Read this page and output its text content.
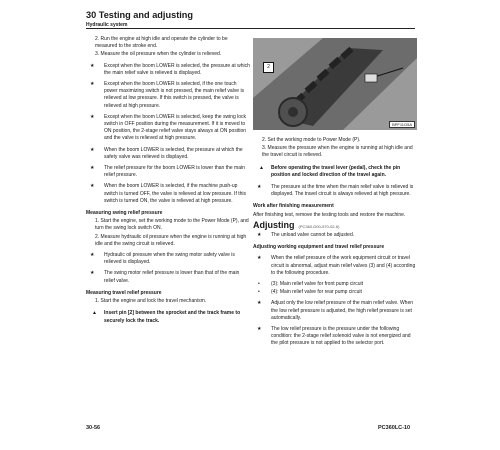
30 Testing and adjusting
Hydraulic system
2. Run the engine at high idle and operate the cylinder to be measured to the stroke end.
3. Measure the oil pressure when the cylinder is relieved.
★ Except when the boom LOWER is selected, the pressure at which the main relief valve is relieved is displayed.
★ Except when the boom LOWER is selected, if the one touch power maximizing switch is not pressed, the main relief valve is relieved at low pressure. If this switch is pressed, the valve is relieved at high pressure.
★ Except when the boom LOWER is selected, keep the swing lock switch in OFF position during the measurement. If it is moved to ON position, the 2-stage relief valve stays always at ON position and the valve is relieved at high pressure.
★ When the boom LOWER is selected, the pressure at which the safety valve was relieved is displayed.
★ The relief pressure for the boom LOWER is lower than the main relief pressure.
★ When the boom LOWER is selected, if the machine push-up switch is turned OFF, the valve is relieved at low pressure. If this switch is turned ON, the valve is relieved at high pressure.
Measuring swing relief pressure
1. Start the engine, set the working mode to the Power Mode (P), and turn the swing lock switch ON.
2. Measure hydraulic oil pressure when the engine is running at high idle and the swing circuit is relieved.
★ Hydraulic oil pressure when the swing motor safety valve is relieved is displayed.
★ The swing motor relief pressure is lower than that of the main relief valve.
Measuring travel relief pressure
1. Start the engine and lock the travel mechanism.
▲ Insert pin [2] between the sprocket and the track frame to securely lock the track.
2
BPF11G5A
2. Set the working mode to Power Mode (P).
3. Measure the pressure when the engine is running at high idle and the travel circuit is relieved.
▲ Before operating the travel lever (pedal), check the pin position and locked direction of the travel again.
★ The pressure at the time when the main relief valve is relieved is displayed. The travel circuit is always relieved at high pressure.
Work after finishing measurement
After finishing test, remove the testing tools and restore the machine.
Adjusting (PC360-D00-570-02-6)
★ The unload valve cannot be adjusted.
Adjusting working equipment and travel relief pressure
★ When the relief pressure of the work equipment circuit or travel circuit is abnormal, adjust main relief valves (3) and (4) according to the following procedure.
• (3): Main relief valve for front pump circuit
• (4): Main relief valve for rear pump circuit
★ Adjust only the low relief pressure of the main relief valve. When the low relief pressure is adjusted, the high relief pressure is set automatically.
★ The low relief pressure is the pressure under the following condition: the 2-stage relief solenoid valve is not energized and the pilot pressure is not applied to the selector port.
30-56	PC360LC-10
